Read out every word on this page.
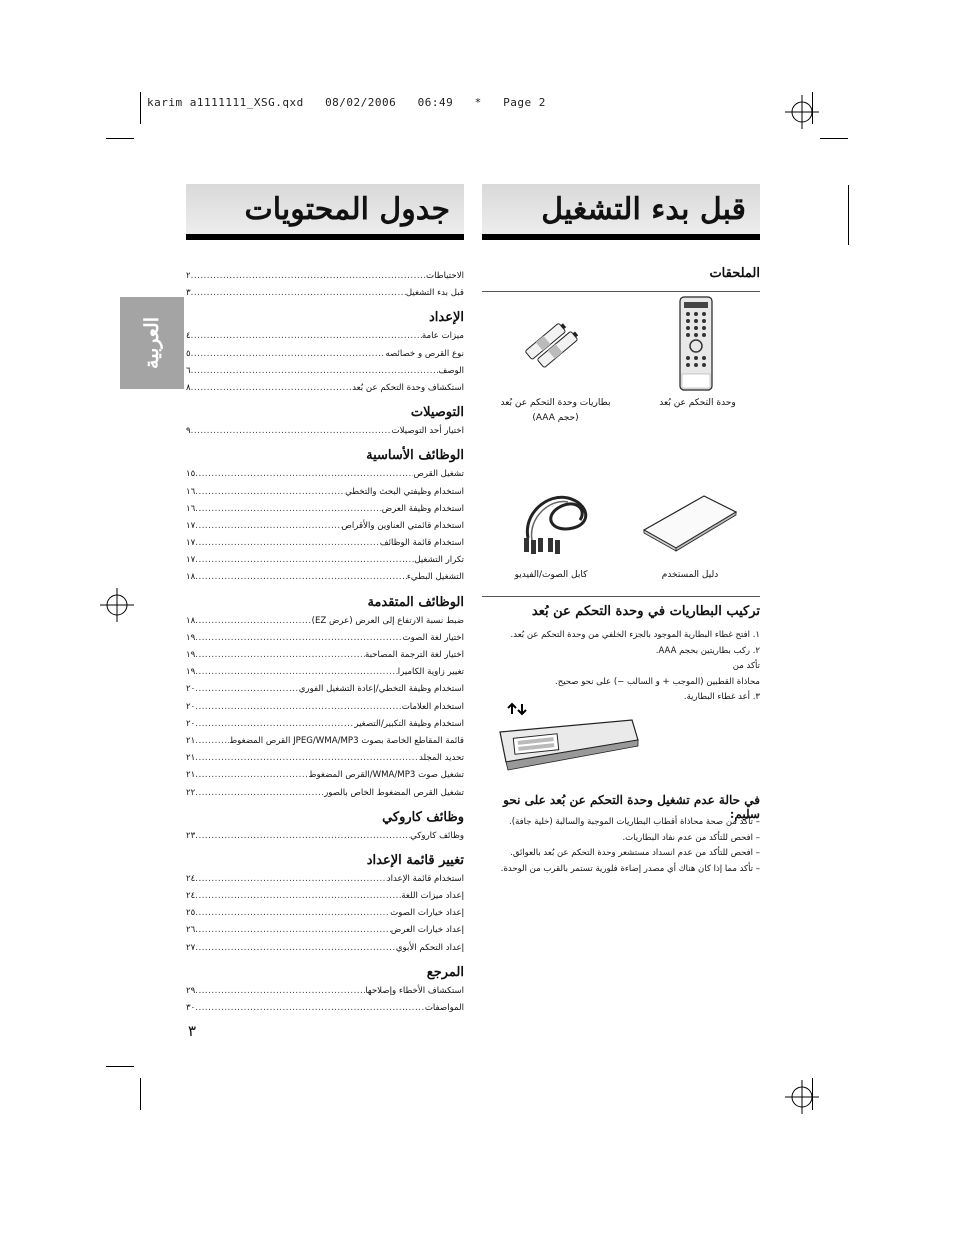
karim a1111111_XSG.qxd   08/02/2006   06:49   *   Page 2
جدول المحتويات	قبل بدء التشغيل
العربية
الاحتياطات
.....
٢
قبل بدء التشغيل
.....
٣
الإعداد
ميزات عامة
.....
٤
نوع القرص و خصائصه
.....
٥
الوصف
.....
٦
استكشاف وحدة التحكم عن بُعد
.....
٨
التوصيلات
اختيار أحد التوصيلات
.....
٩
الوظائف الأساسية
تشغيل القرص
.....
١٥
استخدام وظيفتي البحث والتخطي
.....
١٦
استخدام وظيفة العرض
.....
١٦
استخدام قائمتي العناوين والأقراص
.....
١٧
استخدام قائمة الوظائف
.....
١٧
تكرار التشغيل
.....
١٧
التشغيل البطيء
.....
١٨
الوظائف المتقدمة
ضبط نسبة الارتفاع إلى العرض (عرض EZ)
.....
١٨
اختيار لغة الصوت
.....
١٩
اختيار لغة الترجمة المصاحبة
.....
١٩
تغيير زاوية الكاميرا
.....
١٩
استخدام وظيفة التخطي/إعادة التشغيل الفوري
.....
٢٠
استخدام العلامات
.....
٢٠
استخدام وظيفة التكبير/التصغير
.....
٢٠
قائمة المقاطع الخاصة بصوت JPEG/WMA/MP3 القرص المضغوط
.....
٢١
تحديد المجلد
.....
٢١
تشغيل صوت WMA/MP3/القرص المضغوط
.....
٢١
تشغيل القرص المضغوط الخاص بالصور
.....
٢٢
وظائف كاروكي
وظائف كاروكي
.....
٢٣
تغيير قائمة الإعداد
استخدام قائمة الإعداد
.....
٢٤
إعداد ميزات اللغة
.....
٢٤
إعداد خيارات الصوت
.....
٢٥
إعداد خيارات العرض
.....
٢٦
إعداد التحكم الأبوي
.....
٢٧
المرجع
استكشاف الأخطاء وإصلاحها
.....
٢٩
المواصفات
.....
٣٠
الملحقات
وحدة التحكم عن بُعد
بطاريات وحدة التحكم عن بُعد
(حجم AAA)
دليل المستخدم
كابل الصوت/الفيديو
تركيب البطاريات في وحدة التحكم عن بُعد
١. افتح غطاء البطارية الموجود بالجزء الخلفي من وحدة التحكم عن بُعد.
٢. ركب بطاريتين بحجم AAA.
تأكد من
محاذاة القطبين (الموجب + و السالب −) على نحو صحيح.
٣. أعد غطاء البطارية.
في حالة عدم تشغيل وحدة التحكم عن بُعد على نحو سليم:
– تأكد من صحة محاذاة أقطاب البطاريات الموجبة والسالبة (خلية جافة).
– افحص للتأكد من عدم نفاد البطاريات.
– افحص للتأكد من عدم انسداد مستشعر وحدة التحكم عن بُعد بالعوائق.
– تأكد مما إذا كان هناك أي مصدر إضاءة فلورية تستمر بالقرب من الوحدة.
٣
